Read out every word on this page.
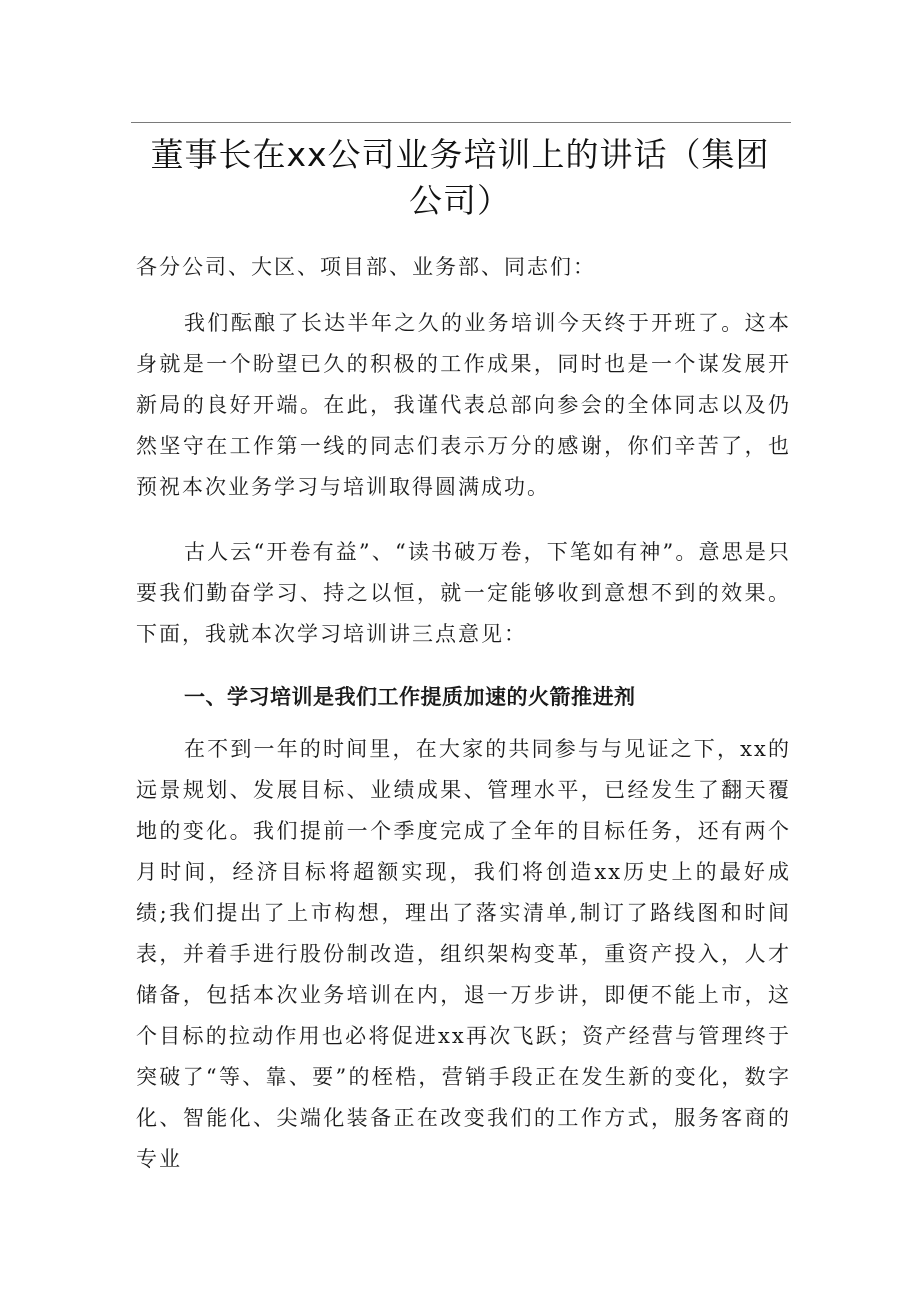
董事长在xx公司业务培训上的讲话（集团
公司）

各分公司、大区、项目部、业务部、同志们：

我们酝酿了长达半年之久的业务培训今天终于开班了。这本身就是一个盼望已久的积极的工作成果，同时也是一个谋发展开新局的良好开端。在此，我谨代表总部向参会的全体同志以及仍然坚守在工作第一线的同志们表示万分的感谢，你们辛苦了，也预祝本次业务学习与培训取得圆满成功。

古人云“开卷有益”、“读书破万卷，下笔如有神”。意思是只要我们勤奋学习、持之以恒，就一定能够收到意想不到的效果。下面，我就本次学习培训讲三点意见：

一、学习培训是我们工作提质加速的火箭推进剂

在不到一年的时间里，在大家的共同参与与见证之下，xx的远景规划、发展目标、业绩成果、管理水平，已经发生了翻天覆地的变化。我们提前一个季度完成了全年的目标任务，还有两个月时间，经济目标将超额实现，我们将创造xx历史上的最好成绩;我们提出了上市构想，理出了落实清单,制订了路线图和时间表，并着手进行股份制改造，组织架构变革，重资产投入，人才储备，包括本次业务培训在内，退一万步讲，即便不能上市，这个目标的拉动作用也必将促进xx再次飞跃；资产经营与管理终于突破了“等、靠、要”的桎梏，营销手段正在发生新的变化，数字化、智能化、尖端化装备正在改变我们的工作方式，服务客商的专业
